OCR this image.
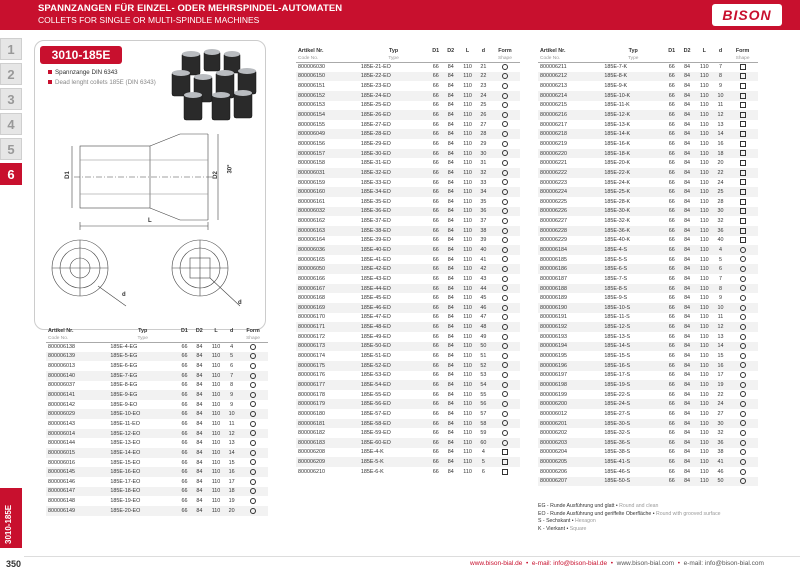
SPANNZANGEN FÜR EINZEL- ODER MEHRSPINDEL-AUTOMATEN
COLLETS FOR SINGLE OR MULTI-SPINDLE MACHINES	BISON
1
2
3
4
5
6
3010-185E
3010-185E
Spannzange DIN 6343
Dead lenght collets 185E (DIN 6343)
D1	D2
30°
L
d
d
Artikel Nr.	Typ	D1	D2	L	d	Form
Code No.	Type					Shape
800006138	185E-4-EG	66	84	110	4	
800006139	185E-5-EG	66	84	110	5	
800006013	185E-6-EG	66	84	110	6	
800006140	185E-7-EG	66	84	110	7	
800006037	185E-8-EG	66	84	110	8	
800006141	185E-9-EG	66	84	110	9	
800006142	185E-9-EO	66	84	110	9	
800006029	185E-10-EO	66	84	110	10	
800006143	185E-11-EO	66	84	110	11	
800006014	185E-12-EO	66	84	110	12	
800006144	185E-13-EO	66	84	110	13	
800006015	185E-14-EO	66	84	110	14	
800006016	185E-15-EO	66	84	110	15	
800006145	185E-16-EO	66	84	110	16	
800006146	185E-17-EO	66	84	110	17	
800006147	185E-18-EO	66	84	110	18	
800006148	185E-19-EO	66	84	110	19	
800006149	185E-20-EO	66	84	110	20	
Artikel Nr.	Typ	D1	D2	L	d	Form
Code No.	Type					Shape
800006030	185E-21-EO	66	84	110	21	
800006150	185E-22-EO	66	84	110	22	
800006151	185E-23-EO	66	84	110	23	
800006152	185E-24-EO	66	84	110	24	
800006153	185E-25-EO	66	84	110	25	
800006154	185E-26-EO	66	84	110	26	
800006155	185E-27-EO	66	84	110	27	
800006049	185E-28-EO	66	84	110	28	
800006156	185E-29-EO	66	84	110	29	
800006157	185E-30-EO	66	84	110	30	
800006158	185E-31-EO	66	84	110	31	
800006031	185E-32-EO	66	84	110	32	
800006159	185E-33-EO	66	84	110	33	
800006160	185E-34-EO	66	84	110	34	
800006161	185E-35-EO	66	84	110	35	
800006032	185E-36-EO	66	84	110	36	
800006162	185E-37-EO	66	84	110	37	
800006163	185E-38-EO	66	84	110	38	
800006164	185E-39-EO	66	84	110	39	
800006036	185E-40-EO	66	84	110	40	
800006165	185E-41-EO	66	84	110	41	
800006050	185E-42-EO	66	84	110	42	
800006166	185E-43-EO	66	84	110	43	
800006167	185E-44-EO	66	84	110	44	
800006168	185E-45-EO	66	84	110	45	
800006169	185E-46-EO	66	84	110	46	
800006170	185E-47-EO	66	84	110	47	
800006171	185E-48-EO	66	84	110	48	
800006172	185E-49-EO	66	84	110	49	
800006173	185E-50-EO	66	84	110	50	
800006174	185E-51-EO	66	84	110	51	
800006175	185E-52-EO	66	84	110	52	
800006176	185E-53-EO	66	84	110	53	
800006177	185E-54-EO	66	84	110	54	
800006178	185E-55-EO	66	84	110	55	
800006179	185E-56-EO	66	84	110	56	
800006180	185E-57-EO	66	84	110	57	
800006181	185E-58-EO	66	84	110	58	
800006182	185E-59-EO	66	84	110	59	
800006183	185E-60-EO	66	84	110	60	
800006208	185E-4-K	66	84	110	4	
800006209	185E-5-K	66	84	110	5	
800006210	185E-6-K	66	84	110	6	
Artikel Nr.	Typ	D1	D2	L	d	Form
Code No.	Type					Shape
800006211	185E-7-K	66	84	110	7	
800006212	185E-8-K	66	84	110	8	
800006213	185E-9-K	66	84	110	9	
800006214	185E-10-K	66	84	110	10	
800006215	185E-11-K	66	84	110	11	
800006216	185E-12-K	66	84	110	12	
800006217	185E-13-K	66	84	110	13	
800006218	185E-14-K	66	84	110	14	
800006219	185E-16-K	66	84	110	16	
800006220	185E-18-K	66	84	110	18	
800006221	185E-20-K	66	84	110	20	
800006222	185E-22-K	66	84	110	22	
800006223	185E-24-K	66	84	110	24	
800006224	185E-25-K	66	84	110	25	
800006225	185E-28-K	66	84	110	28	
800006226	185E-30-K	66	84	110	30	
800006227	185E-32-K	66	84	110	32	
800006228	185E-36-K	66	84	110	36	
800006229	185E-40-K	66	84	110	40	
800006184	185E-4-S	66	84	110	4	
800006185	185E-5-S	66	84	110	5	
800006186	185E-6-S	66	84	110	6	
800006187	185E-7-S	66	84	110	7	
800006188	185E-8-S	66	84	110	8	
800006189	185E-9-S	66	84	110	9	
800006190	185E-10-S	66	84	110	10	
800006191	185E-11-S	66	84	110	11	
800006192	185E-12-S	66	84	110	12	
800006193	185E-13-S	66	84	110	13	
800006194	185E-14-S	66	84	110	14	
800006195	185E-15-S	66	84	110	15	
800006196	185E-16-S	66	84	110	16	
800006197	185E-17-S	66	84	110	17	
800006198	185E-19-S	66	84	110	19	
800006199	185E-22-S	66	84	110	22	
800006200	185E-24-S	66	84	110	24	
800006012	185E-27-S	66	84	110	27	
800006201	185E-30-S	66	84	110	30	
800006202	185E-32-S	66	84	110	32	
800006203	185E-36-S	66	84	110	36	
800006204	185E-38-S	66	84	110	38	
800006205	185E-41-S	66	84	110	41	
800006206	185E-46-S	66	84	110	46	
800006207	185E-50-S	66	84	110	50	
EG - Runde Ausführung und glatt • Round and clean
EO - Runde Ausführung und geriffelte Oberfläche • Round with grooved surface
S - Sechskant • Hexagon
K - Vierkant • Square
350	www.bison-bial.de  •  e-mail: info@bison-bial.de  •  www.bison-bial.com  •  e-mail: info@bison-bial.com
